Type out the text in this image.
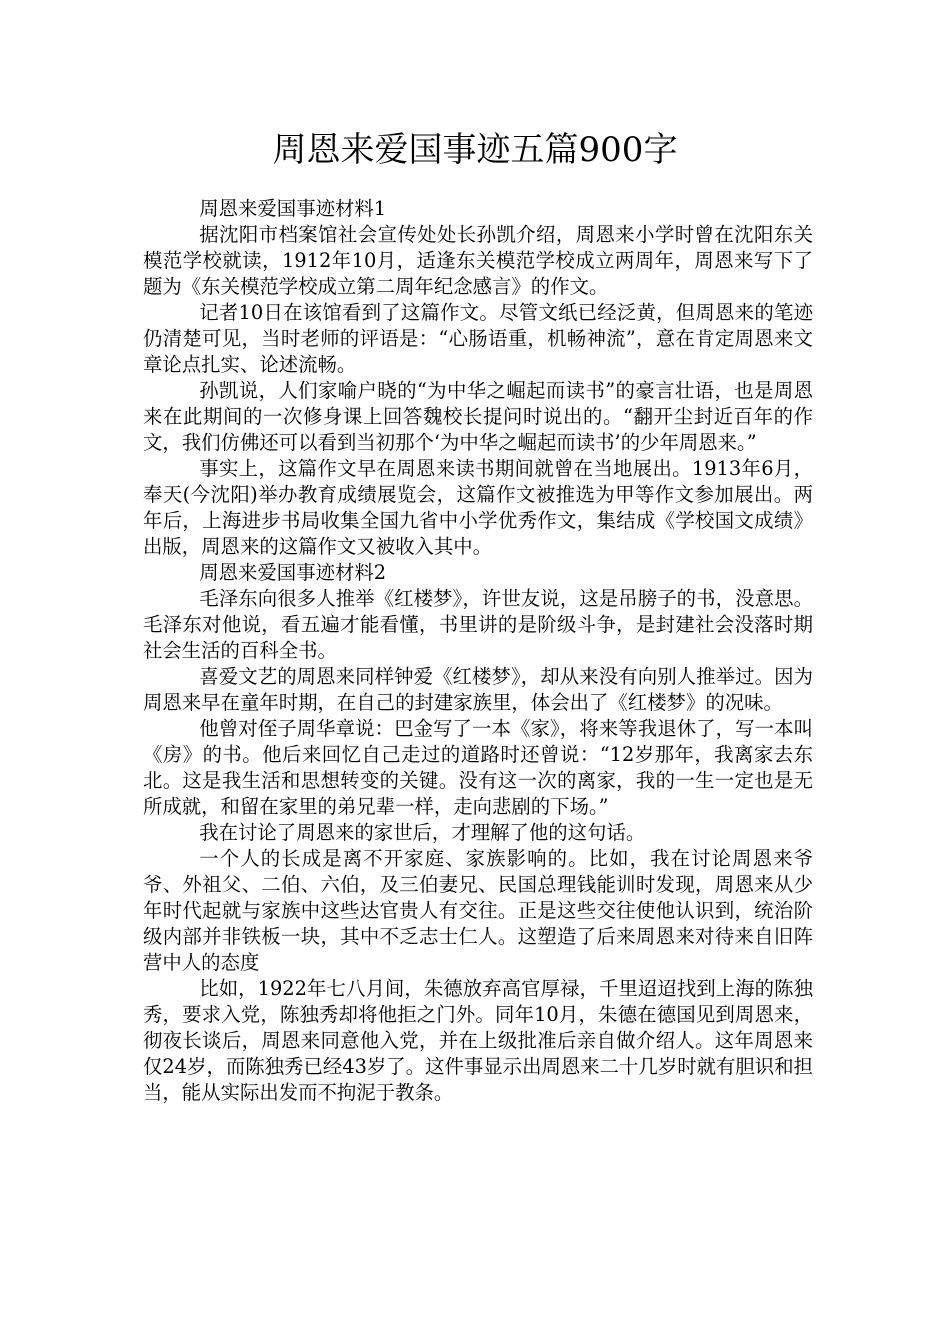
周恩来爱国事迹五篇900字

周恩来爱国事迹材料1

据沈阳市档案馆社会宣传处处长孙凯介绍，周恩来小学时曾在沈阳东关模范学校就读，1912年10月，适逢东关模范学校成立两周年，周恩来写下了题为《东关模范学校成立第二周年纪念感言》的作文。

记者10日在该馆看到了这篇作文。尽管文纸已经泛黄，但周恩来的笔迹仍清楚可见，当时老师的评语是：“心肠语重，机畅神流”，意在肯定周恩来文章论点扎实、论述流畅。

孙凯说，人们家喻户晓的“为中华之崛起而读书”的豪言壮语，也是周恩来在此期间的一次修身课上回答魏校长提问时说出的。“翻开尘封近百年的作文，我们仿佛还可以看到当初那个‘为中华之崛起而读书’的少年周恩来。”

事实上，这篇作文早在周恩来读书期间就曾在当地展出。1913年6月，奉天(今沈阳)举办教育成绩展览会，这篇作文被推选为甲等作文参加展出。两年后，上海进步书局收集全国九省中小学优秀作文，集结成《学校国文成绩》出版，周恩来的这篇作文又被收入其中。

周恩来爱国事迹材料2

毛泽东向很多人推举《红楼梦》，许世友说，这是吊膀子的书，没意思。毛泽东对他说，看五遍才能看懂，书里讲的是阶级斗争，是封建社会没落时期社会生活的百科全书。

喜爱文艺的周恩来同样钟爱《红楼梦》，却从来没有向别人推举过。因为周恩来早在童年时期，在自己的封建家族里，体会出了《红楼梦》的况味。

他曾对侄子周华章说：巴金写了一本《家》，将来等我退休了，写一本叫《房》的书。他后来回忆自己走过的道路时还曾说：“12岁那年，我离家去东北。这是我生活和思想转变的关键。没有这一次的离家，我的一生一定也是无所成就，和留在家里的弟兄辈一样，走向悲剧的下场。”

我在讨论了周恩来的家世后，才理解了他的这句话。

一个人的长成是离不开家庭、家族影响的。比如，我在讨论周恩来爷爷、外祖父、二伯、六伯，及三伯妻兄、民国总理钱能训时发现，周恩来从少年时代起就与家族中这些达官贵人有交往。正是这些交往使他认识到，统治阶级内部并非铁板一块，其中不乏志士仁人。这塑造了后来周恩来对待来自旧阵营中人的态度

比如，1922年七八月间，朱德放弃高官厚禄，千里迢迢找到上海的陈独秀，要求入党，陈独秀却将他拒之门外。同年10月，朱德在德国见到周恩来，彻夜长谈后，周恩来同意他入党，并在上级批准后亲自做介绍人。这年周恩来仅24岁，而陈独秀已经43岁了。这件事显示出周恩来二十几岁时就有胆识和担当，能从实际出发而不拘泥于教条。
